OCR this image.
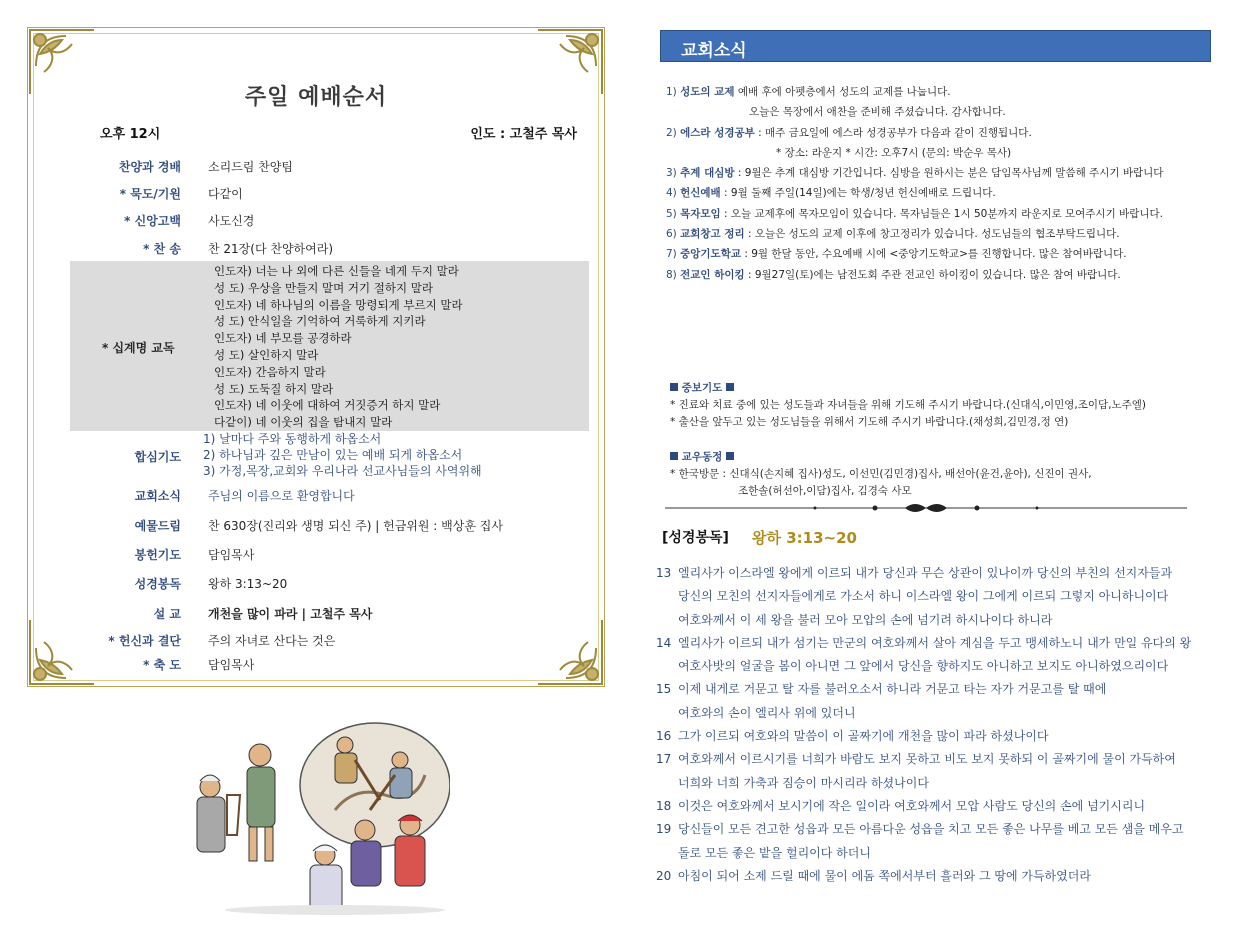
주일 예배순서
오후 12시	인도 : 고철주 목사
찬양과 경배 소리드림 찬양팀
* 묵도/기원 다같이
* 신앙고백 사도신경
* 찬 송 찬 21장(다 찬양하여라)
* 십계명 교독
인도자) 너는 나 외에 다른 신들을 네게 두지 말라
성 도) 우상을 만들지 말며 거기 절하지 말라
인도자) 네 하나님의 이름을 망령되게 부르지 말라
성 도) 안식일을 기억하여 거룩하게 지키라
인도자) 네 부모를 공경하라
성 도) 살인하지 말라
인도자) 간음하지 말라
성 도) 도둑질 하지 말라
인도자) 네 이웃에 대하여 거짓증거 하지 말라
다같이) 네 이웃의 집을 탐내지 말라
합심기도
1) 날마다 주와 동행하게 하옵소서
2) 하나님과 깊은 만남이 있는 예배 되게 하옵소서
3) 가정,목장,교회와 우리나라 선교사님들의 사역위해
교회소식 주님의 이름으로 환영합니다
예물드림 찬 630장(진리와 생명 되신 주) | 헌금위원 : 백상훈 집사
봉헌기도 담임목사
성경봉독 왕하 3:13~20
설 교 개천을 많이 파라 | 고철주 목사
* 헌신과 결단 주의 자녀로 산다는 것은
* 축 도 담임목사
교회소식
1) 성도의 교제 예배 후에 아펫층에서 성도의 교제를 나눕니다.
오늘은 목장에서 애찬을 준비해 주셨습니다. 감사합니다.
2) 에스라 성경공부 : 매주 금요일에 에스라 성경공부가 다음과 같이 진행됩니다.
* 장소: 라운지 * 시간: 오후7시 (문의: 박순우 목사)
3) 추계 대심방 : 9월은 추계 대심방 기간입니다. 심방을 원하시는 분은 담임목사님께 말씀해 주시기 바랍니다
4) 헌신예배 : 9월 둘째 주일(14일)에는 학생/청년 헌신예배로 드립니다.
5) 목자모임 : 오늘 교제후에 목자모임이 있습니다. 목자님들은 1시 50분까지 라운지로 모여주시기 바랍니다.
6) 교회창고 정리 : 오늘은 성도의 교제 이후에 창고정리가 있습니다. 성도님들의 협조부탁드립니다.
7) 중앙기도학교 : 9월 한달 동안, 수요예배 시에 <중앙기도학교>를 진행합니다. 많은 참여바랍니다.
8) 전교인 하이킹 : 9월27일(토)에는 남전도회 주관 전교인 하이킹이 있습니다. 많은 참여 바랍니다.
중보기도
* 진료와 치료 중에 있는 성도들과 자녀들을 위해 기도해 주시기 바랍니다.(신대식,이민영,조이담,노주엘)
* 출산을 앞두고 있는 성도님들을 위해서 기도해 주시기 바랍니다.(채성희,김민경,정 연)
교우동정
* 한국방문 : 신대식(손지혜 집사)성도, 이선민(김민경)집사, 배선아(윤건,윤아), 신진이 권사,
조한솔(허선아,이담)집사, 김경숙 사모
[성경봉독] 왕하 3:13~20
13 엘리사가 이스라엘 왕에게 이르되 내가 당신과 무슨 상관이 있나이까 당신의 부친의 선지자들과
당신의 모친의 선지자들에게로 가소서 하니 이스라엘 왕이 그에게 이르되 그렇지 아니하니이다
여호와께서 이 세 왕을 불러 모아 모압의 손에 넘기려 하시나이다 하니라
14 엘리사가 이르되 내가 섬기는 만군의 여호와께서 살아 계심을 두고 맹세하노니 내가 만일 유다의 왕
여호사밧의 얼굴을 봄이 아니면 그 앞에서 당신을 향하지도 아니하고 보지도 아니하였으리이다
15 이제 내게로 거문고 탈 자를 불러오소서 하니라 거문고 타는 자가 거문고를 탈 때에
여호와의 손이 엘리사 위에 있더니
16 그가 이르되 여호와의 말씀이 이 골짜기에 개천을 많이 파라 하셨나이다
17 여호와께서 이르시기를 너희가 바람도 보지 못하고 비도 보지 못하되 이 골짜기에 물이 가득하여
너희와 너희 가축과 짐승이 마시리라 하셨나이다
18 이것은 여호와께서 보시기에 작은 일이라 여호와께서 모압 사람도 당신의 손에 넘기시리니
19 당신들이 모든 견고한 성읍과 모든 아름다운 성읍을 치고 모든 좋은 나무를 베고 모든 샘을 메우고
돌로 모든 좋은 밭을 헐리이다 하더니
20 아침이 되어 소제 드릴 때에 물이 에돔 쪽에서부터 흘러와 그 땅에 가득하였더라
